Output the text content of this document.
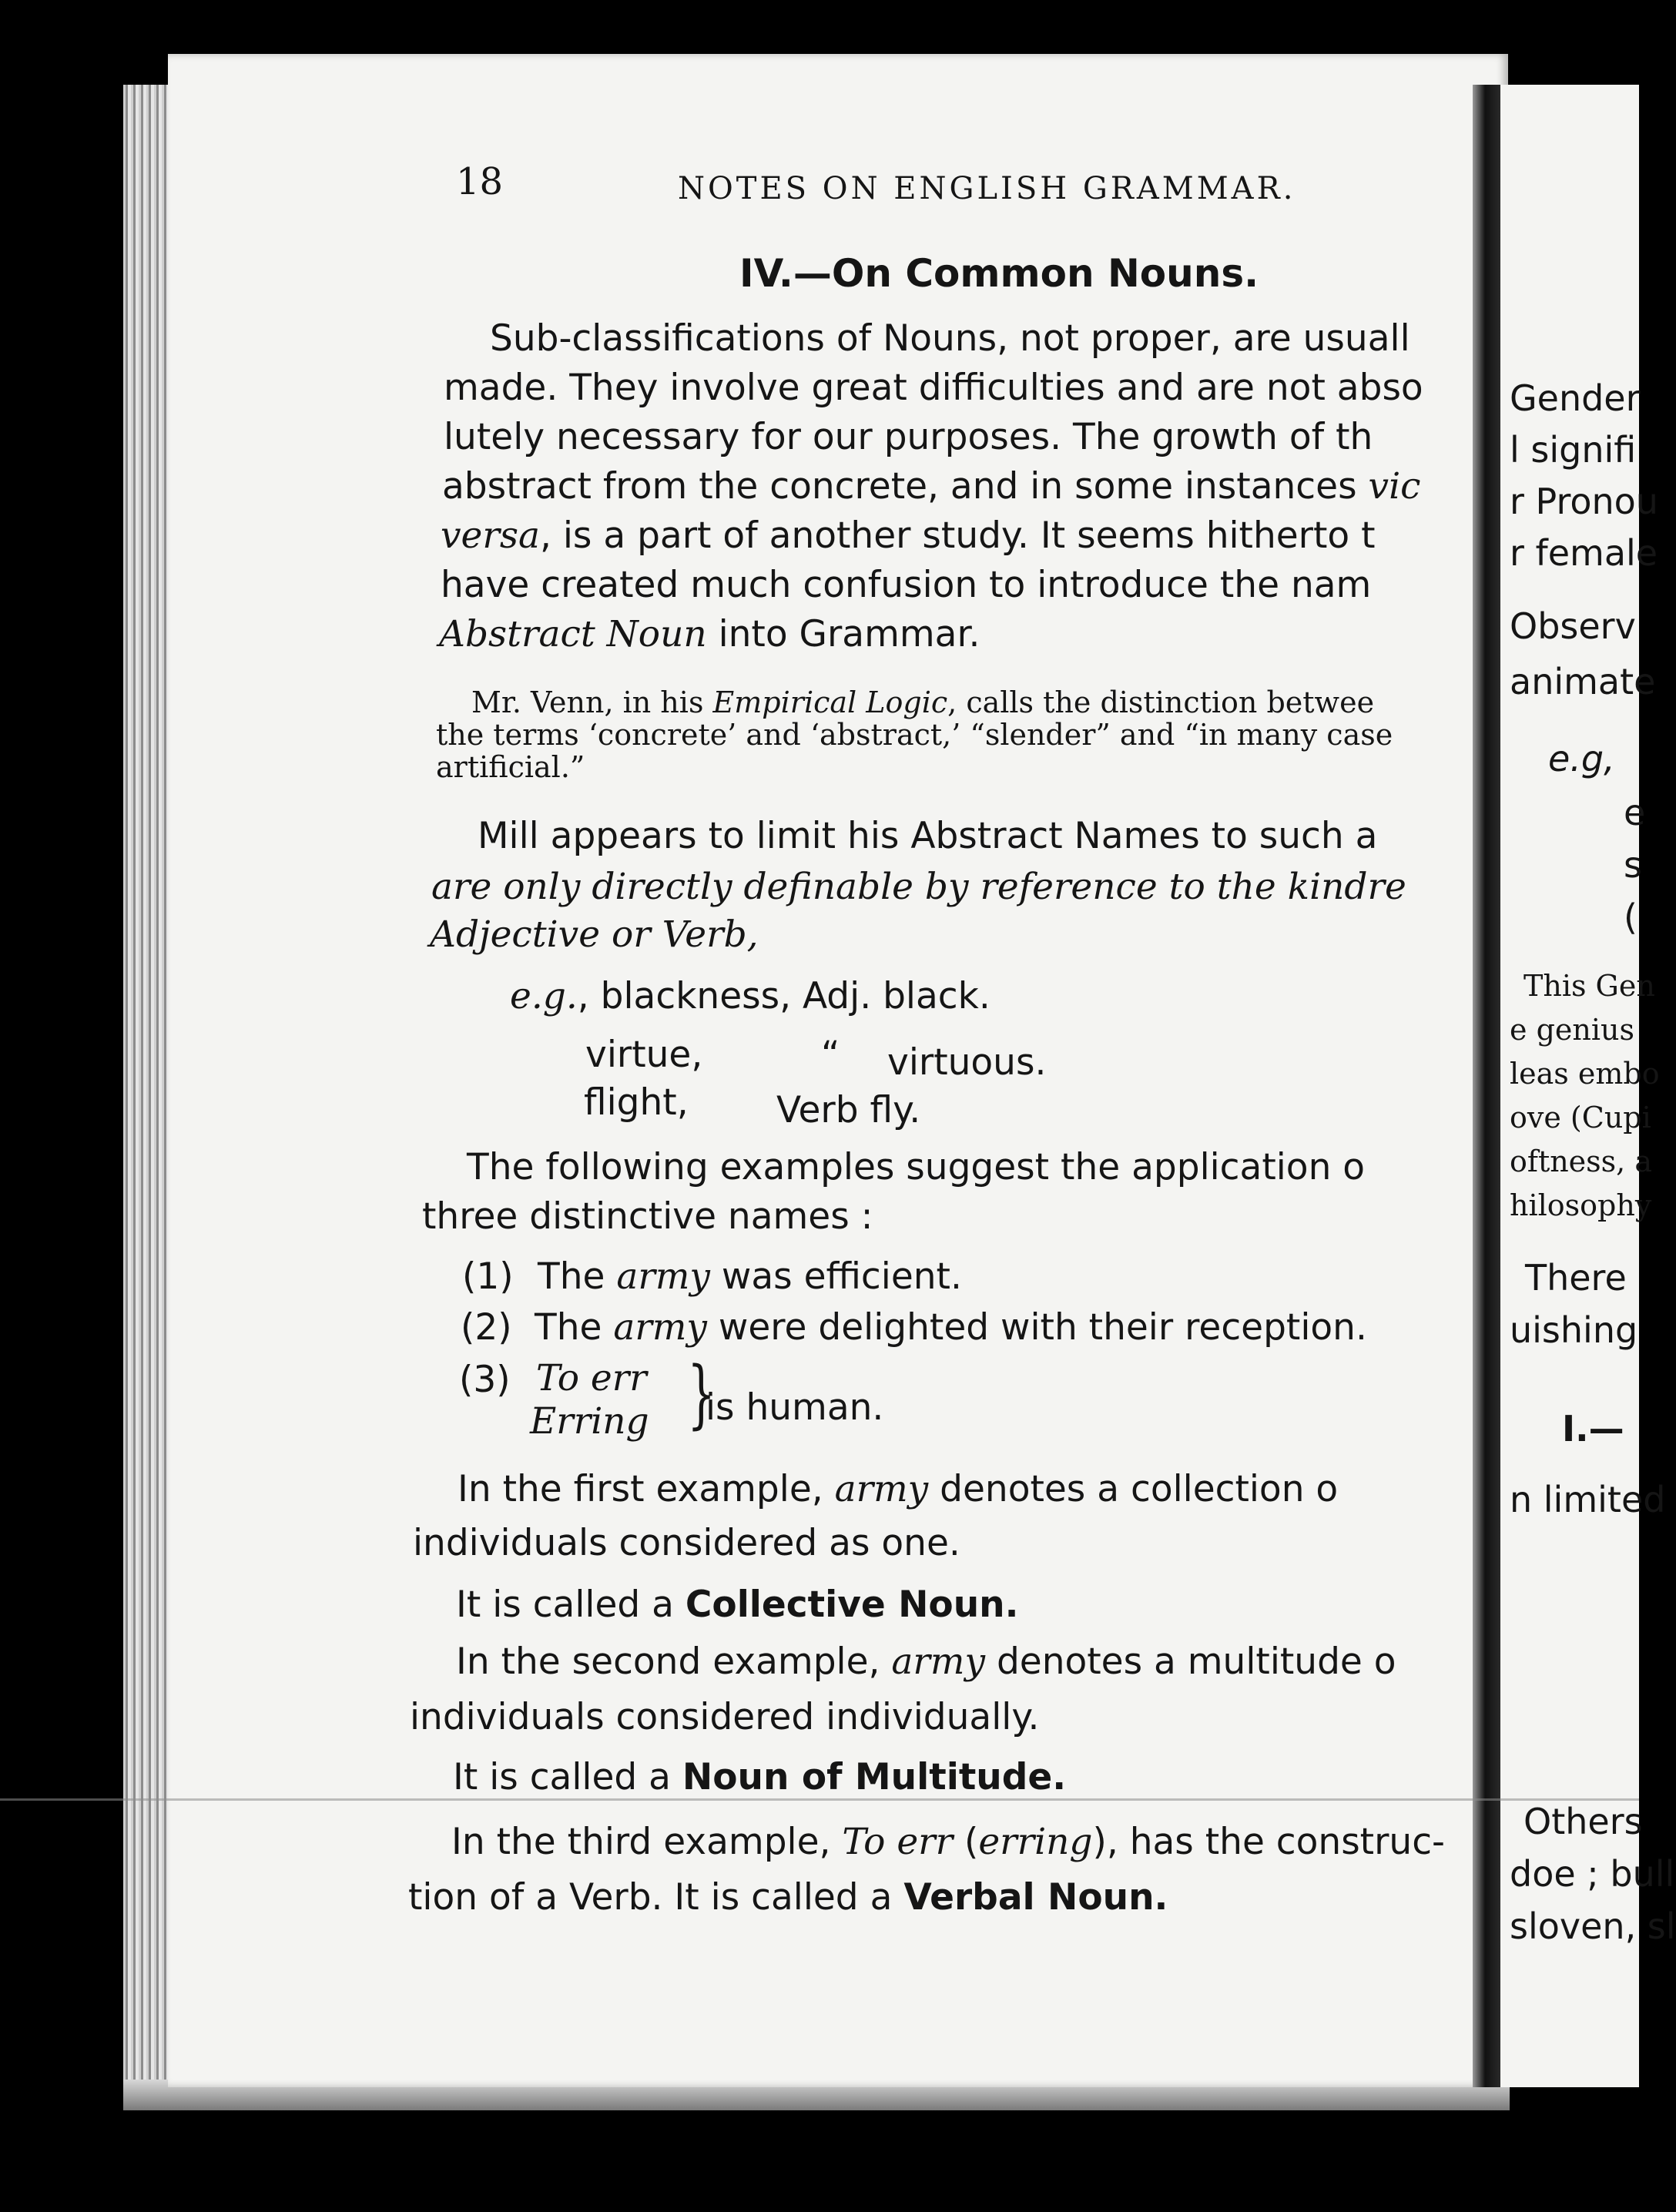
Gender
l signifi
r Pronou
r female
Observ
animate
e.g,
e
s
(
This Gen
e genius
leas embo
ove (Cupi
oftness, a
hilosophy
There
uishing
I.—
n limited
Others
doe ; bull
sloven, sl
18	NOTES ON ENGLISH GRAMMAR.
IV.—On Common Nouns.
Sub-classifications of Nouns, not proper, are usuall
made. They involve great difficulties and are not abso
lutely necessary for our purposes. The growth of th
abstract from the concrete, and in some instances vic
versa, is a part of another study. It seems hitherto t
have created much confusion to introduce the nam
Abstract Noun into Grammar.
Mr. Venn, in his Empirical Logic, calls the distinction betwee
the terms ‘concrete’ and ‘abstract,’ “slender” and “in many case
artificial.”
Mill appears to limit his Abstract Names to such a
are only directly definable by reference to the kindre
Adjective or Verb,
e.g., blackness, Adj. black.
virtue,	“ virtuous.
flight, Verb fly.
The following examples suggest the application o
three distinctive names :
(1) The army was efficient.
(2) The army were delighted with their reception.
(3) To err
Erring }
is human.
In the first example, army denotes a collection o
individuals considered as one.
It is called a Collective Noun.
In the second example, army denotes a multitude o
individuals considered individually.
It is called a Noun of Multitude.
In the third example, To err (erring), has the construc-
tion of a Verb. It is called a Verbal Noun.
